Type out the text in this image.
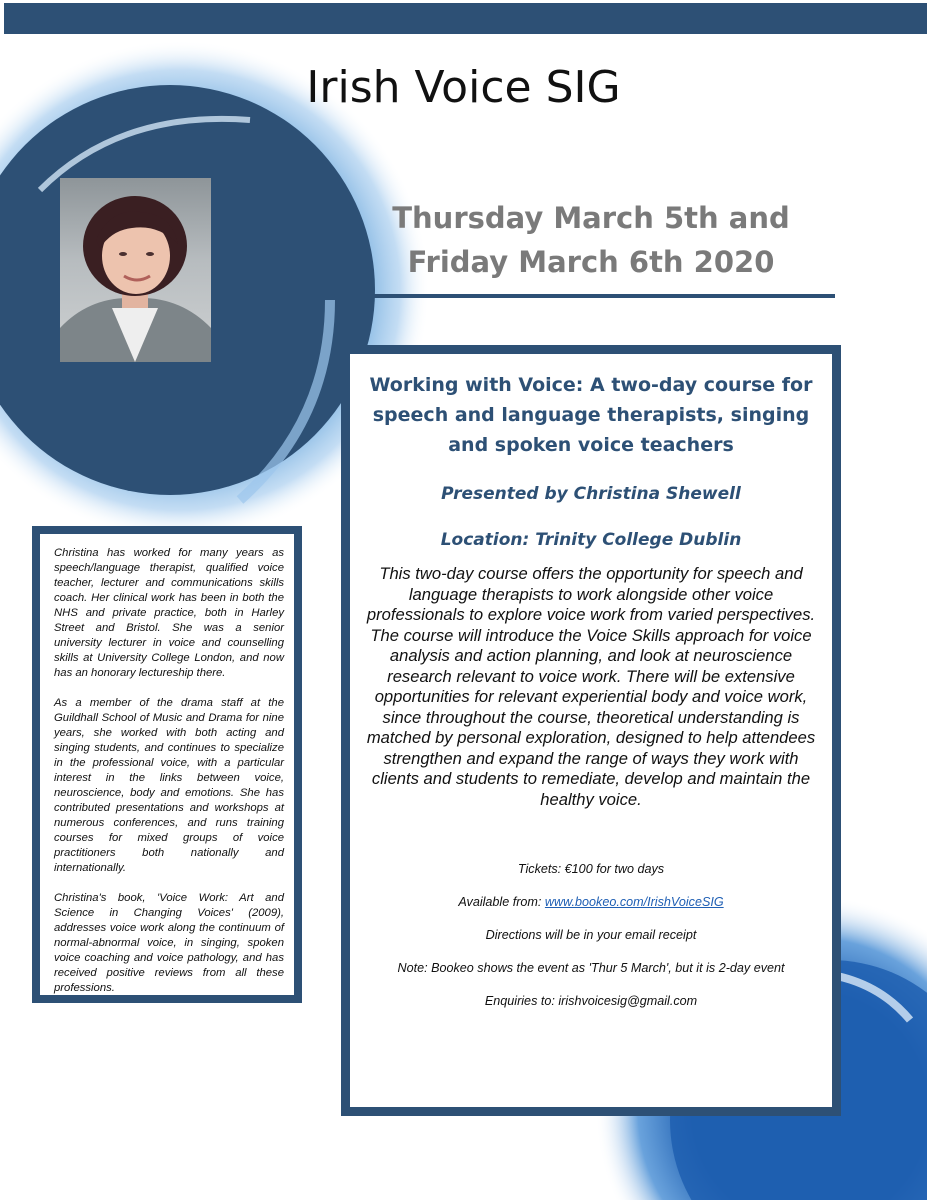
Irish Voice SIG
Thursday March 5th and
Friday March 6th 2020

Christina has worked for many years as speech/language therapist, qualified voice teacher, lecturer and communications skills coach. Her clinical work has been in both the NHS and private practice, both in Harley Street and Bristol. She was a senior university lecturer in voice and counselling skills at University College London, and now has an honorary lectureship there.

As a member of the drama staff at the Guildhall School of Music and Drama for nine years, she worked with both acting and singing students, and continues to specialize in the professional voice, with a particular interest in the links between voice, neuroscience, body and emotions. She has contributed presentations and workshops at numerous conferences, and runs training courses for mixed groups of voice practitioners both nationally and internationally.

Christina's book, 'Voice Work: Art and Science in Changing Voices' (2009), addresses voice work along the continuum of normal-abnormal voice, in singing, spoken voice coaching and voice pathology, and has received positive reviews from all these professions.

Working with Voice: A two-day course for speech and language therapists, singing and spoken voice teachers

Presented by Christina Shewell

Location: Trinity College Dublin

This two-day course offers the opportunity for speech and language therapists to work alongside other voice professionals to explore voice work from varied perspectives. The course will introduce the Voice Skills approach for voice analysis and action planning, and look at neuroscience research relevant to voice work. There will be extensive opportunities for relevant experiential body and voice work, since throughout the course, theoretical understanding is matched by personal exploration, designed to help attendees strengthen and expand the range of ways they work with clients and students to remediate, develop and maintain the healthy voice.

Tickets: €100 for two days

Available from: www.bookeo.com/IrishVoiceSIG

Directions will be in your email receipt

Note: Bookeo shows the event as 'Thur 5 March', but it is 2-day event

Enquiries to: irishvoicesig@gmail.com
